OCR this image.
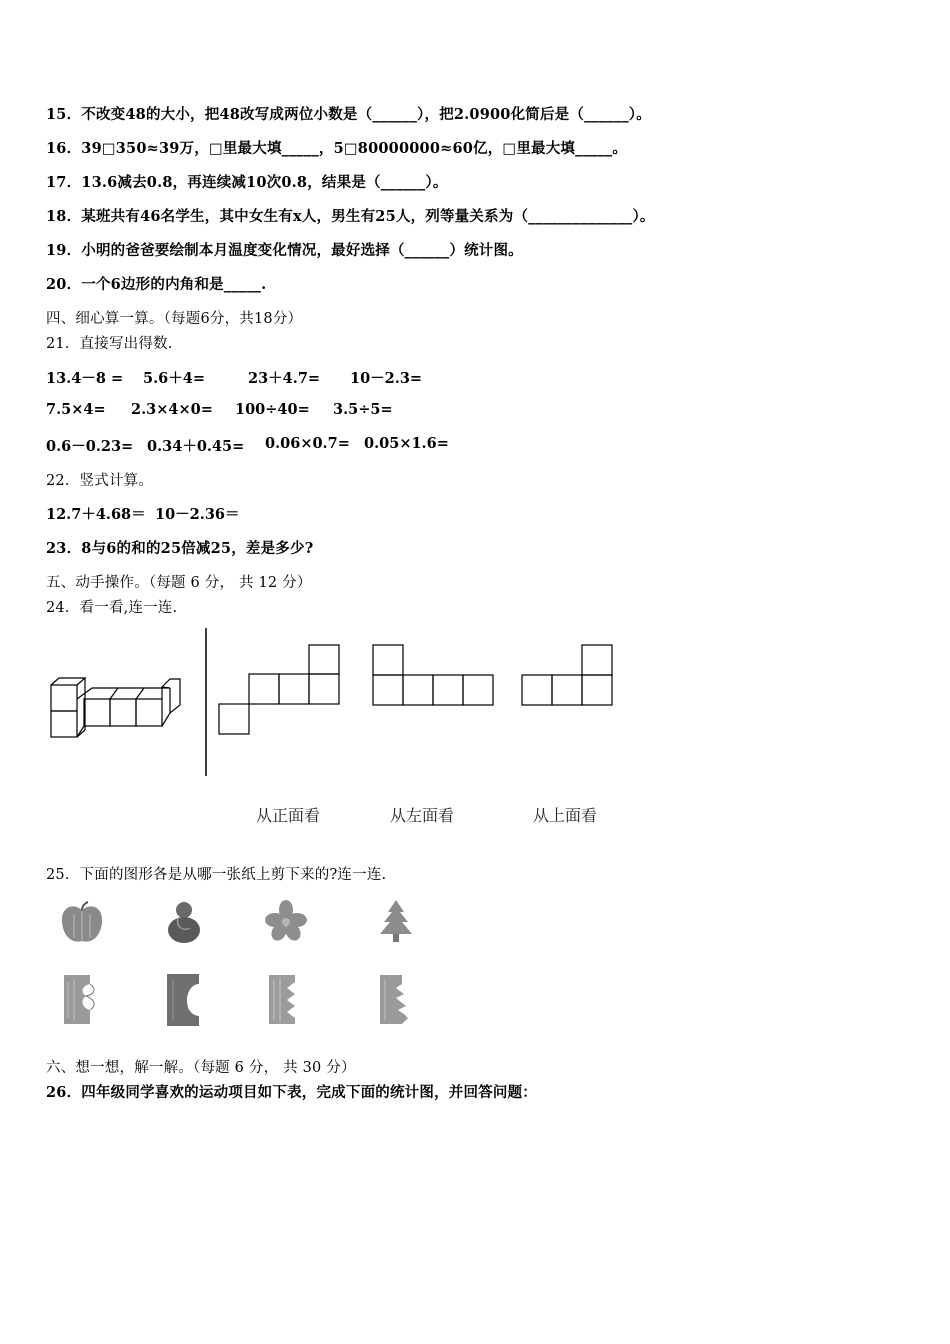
15．不改变48的大小，把48改写成两位小数是（______），把2.0900化简后是（______）。
16．39□350≈39万，□里最大填_____，5□80000000≈60亿，□里最大填_____。
17．13.6减去0.8，再连续减10次0.8，结果是（______）。
18．某班共有46名学生，其中女生有x人，男生有25人，列等量关系为（______________）。
19．小明的爸爸要绘制本月温度变化情况，最好选择（______）统计图。
20．一个6边形的内角和是_____.
四、细心算一算。（每题6分，共18分）
21．直接写出得数.
13.4－8 = 5.6＋4=	23＋4.7= 10－2.3=
7.5×4= 2.3×4×0= 100÷40= 3.5÷5=
0.6－0.23= 0.34＋0.45= 0.06×0.7= 0.05×1.6=
22．竖式计算。
12.7＋4.68＝ 10－2.36＝
23．8与6的和的25倍减25，差是多少?
五、动手操作。（每题 6 分， 共 12 分）
24．看一看,连一连.
从正面看	从左面看	从上面看
25．下面的图形各是从哪一张纸上剪下来的?连一连.
六、想一想，解一解。（每题 6 分， 共 30 分）
26．四年级同学喜欢的运动项目如下表，完成下面的统计图，并回答问题：
